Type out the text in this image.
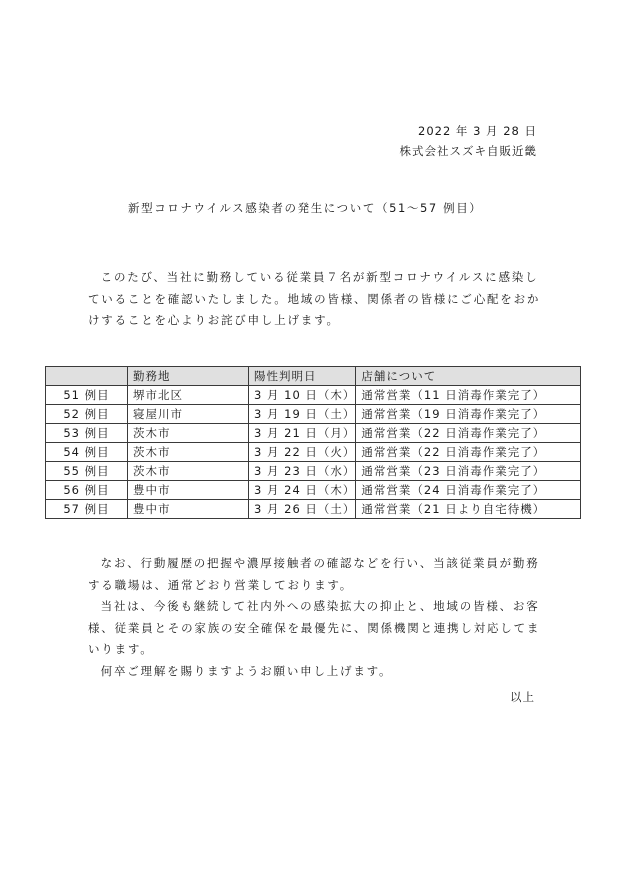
2022 年 3 月 28 日
株式会社スズキ自販近畿
新型コロナウイルス感染者の発生について（51～57 例目）

このたび、当社に勤務している従業員７名が新型コロナウイルスに感染していることを確認いたしました。地域の皆様、関係者の皆様にご心配をおかけすることを心よりお詫び申し上げます。

	勤務地	陽性判明日	店舗について
51 例目	堺市北区	3 月 10 日（木）	通常営業（11 日消毒作業完了）
52 例目	寝屋川市	3 月 19 日（土）	通常営業（19 日消毒作業完了）
53 例目	茨木市	3 月 21 日（月）	通常営業（22 日消毒作業完了）
54 例目	茨木市	3 月 22 日（火）	通常営業（22 日消毒作業完了）
55 例目	茨木市	3 月 23 日（水）	通常営業（23 日消毒作業完了）
56 例目	豊中市	3 月 24 日（木）	通常営業（24 日消毒作業完了）
57 例目	豊中市	3 月 26 日（土）	通常営業（21 日より自宅待機）

なお、行動履歴の把握や濃厚接触者の確認などを行い、当該従業員が勤務する職場は、通常どおり営業しております。

当社は、今後も継続して社内外への感染拡大の抑止と、地域の皆様、お客様、従業員とその家族の安全確保を最優先に、関係機関と連携し対応してまいります。

何卒ご理解を賜りますようお願い申し上げます。

以上
